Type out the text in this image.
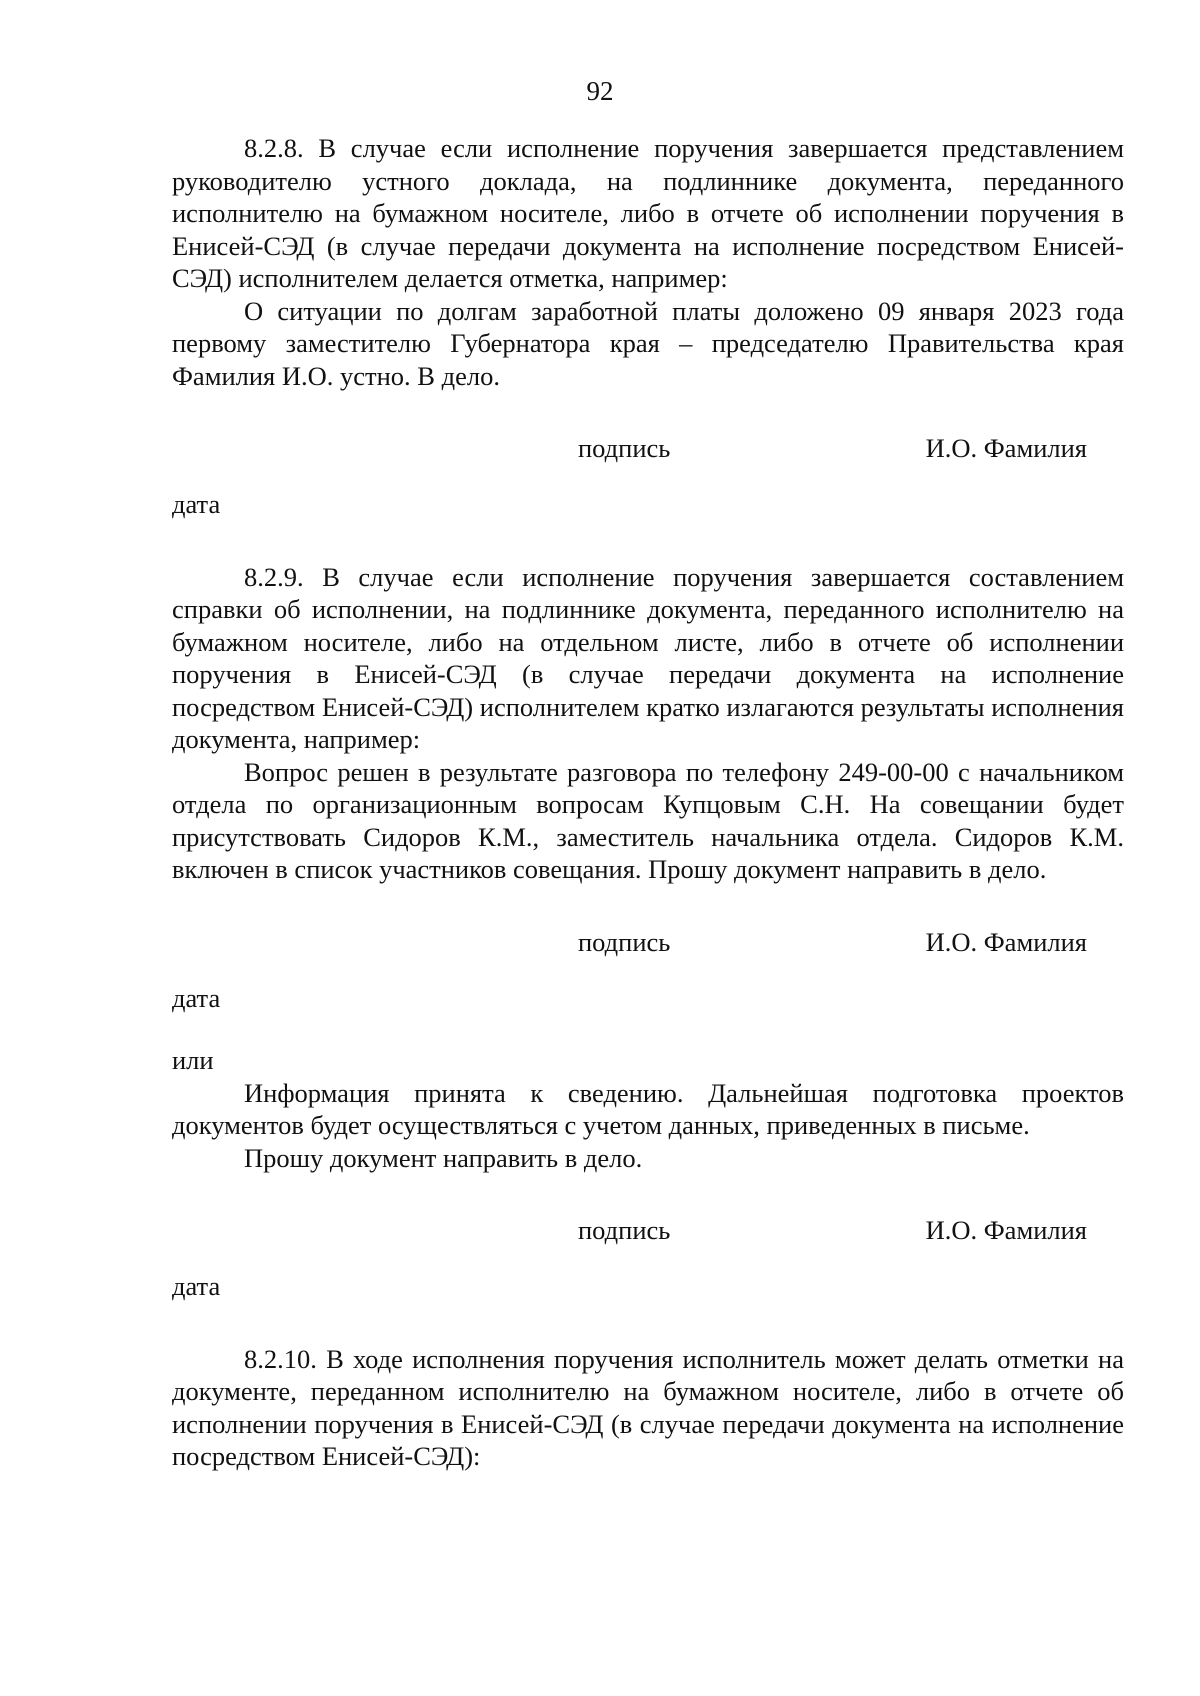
92

8.2.8. В случае если исполнение поручения завершается представлением руководителю устного доклада, на подлиннике документа, переданного исполнителю на бумажном носителе, либо в отчете об исполнении поручения в Енисей-СЭД (в случае передачи документа на исполнение посредством Енисей-СЭД) исполнителем делается отметка, например:

О ситуации по долгам заработной платы доложено 09 января 2023 года первому заместителю Губернатора края – председателю Правительства края Фамилия И.О. устно. В дело.

подпись	И.О. Фамилия

дата

8.2.9. В случае если исполнение поручения завершается составлением справки об исполнении, на подлиннике документа, переданного исполнителю на бумажном носителе, либо на отдельном листе, либо в отчете об исполнении поручения в Енисей-СЭД (в случае передачи документа на исполнение посредством Енисей-СЭД) исполнителем кратко излагаются результаты исполнения документа, например:

Вопрос решен в результате разговора по телефону 249-00-00 с начальником отдела по организационным вопросам Купцовым С.Н. На совещании будет присутствовать Сидоров К.М., заместитель начальника отдела. Сидоров К.М. включен в список участников совещания. Прошу документ направить в дело.

подпись	И.О. Фамилия

дата

или

Информация принята к сведению. Дальнейшая подготовка проектов документов будет осуществляться с учетом данных, приведенных в письме.

Прошу документ направить в дело.

подпись	И.О. Фамилия

дата

8.2.10. В ходе исполнения поручения исполнитель может делать отметки на документе, переданном исполнителю на бумажном носителе, либо в отчете об исполнении поручения в Енисей-СЭД (в случае передачи документа на исполнение посредством Енисей-СЭД):
